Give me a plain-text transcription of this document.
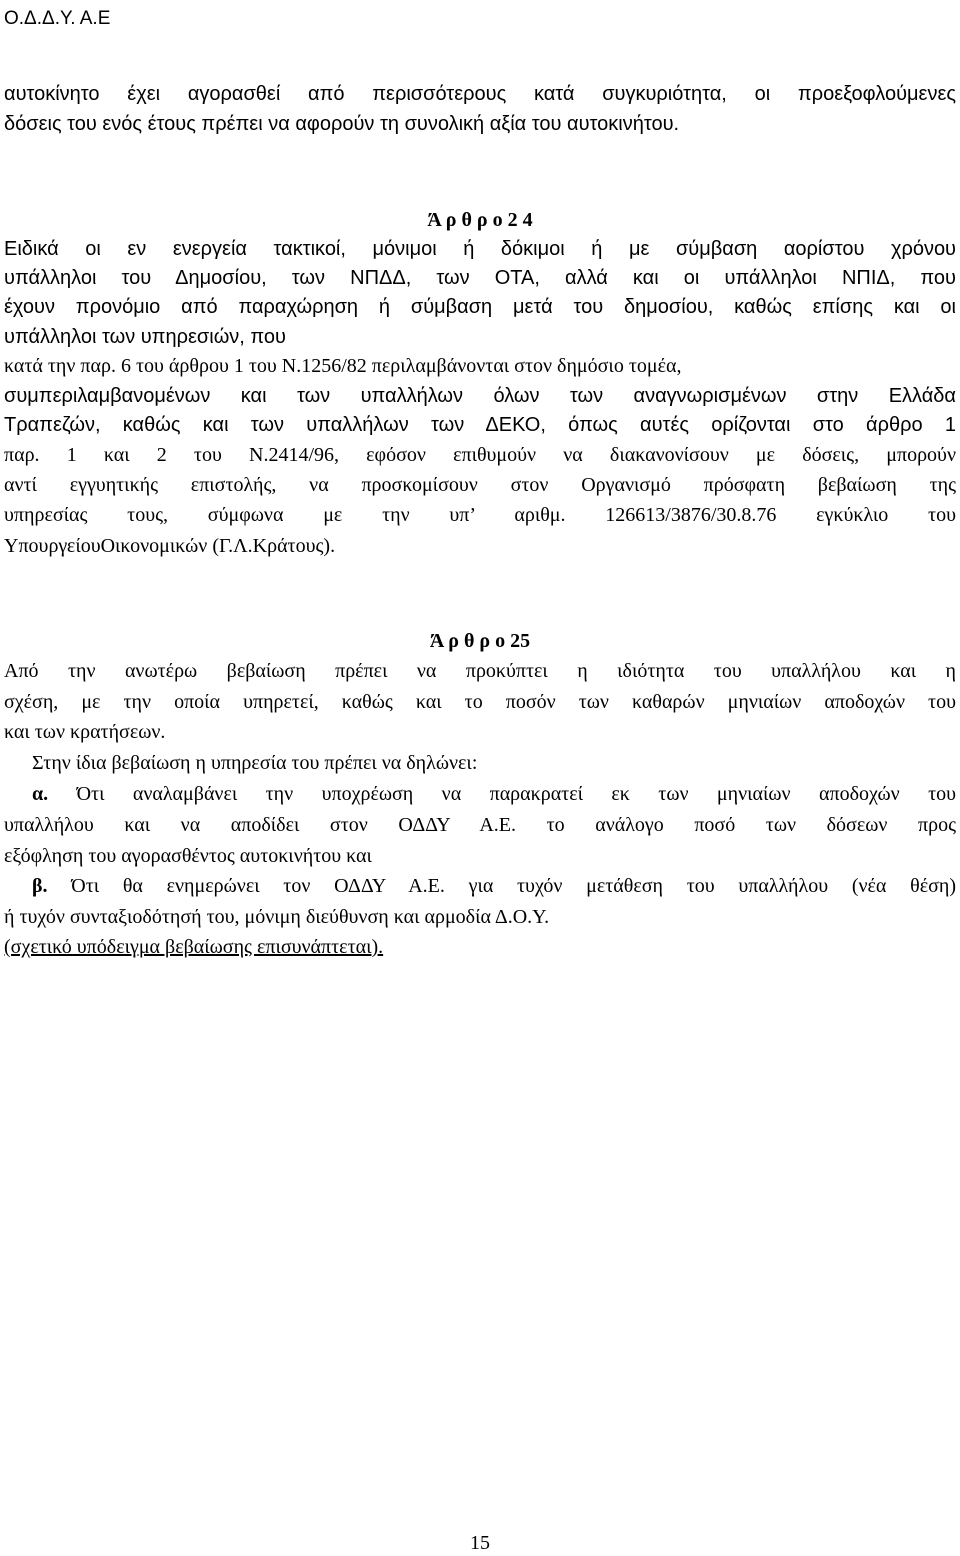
Ο.Δ.Δ.Υ. Α.Ε
αυτοκίνητο έχει αγορασθεί από περισσότερους κατά συγκυριότητα, οι προεξοφλούμενες
δόσεις του ενός έτους πρέπει να αφορούν τη συνολική αξία του αυτοκινήτου.
Ά ρ θ ρ ο 2 4
Ειδικά οι εν ενεργεία τακτικοί, μόνιμοι ή δόκιμοι ή με σύμβαση αορίστου χρόνου
υπάλληλοι του Δημοσίου, των ΝΠΔΔ, των ΟΤΑ, αλλά και οι υπάλληλοι ΝΠΙΔ, που
έχουν προνόμιο από παραχώρηση ή σύμβαση μετά του δημοσίου, καθώς επίσης και οι
υπάλληλοι των υπηρεσιών, που
κατά την παρ. 6 του άρθρου 1 του Ν.1256/82 περιλαμβάνονται στον δημόσιο τομέα,
συμπεριλαμβανομένων και των υπαλλήλων όλων των αναγνωρισμένων στην Ελλάδα
Τραπεζών, καθώς και των υπαλλήλων των ΔΕΚΟ, όπως αυτές ορίζονται στο άρθρο 1
παρ. 1 και 2 του Ν.2414/96, εφόσον επιθυμούν να διακανονίσουν με δόσεις, μπορούν
αντί εγγυητικής επιστολής, να προσκομίσουν στον Οργανισμό πρόσφατη βεβαίωση της
υπηρεσίας τους, σύμφωνα με την υπ’ αριθμ. 126613/3876/30.8.76 εγκύκλιο του
ΥπουργείουΟικονομικών (Γ.Λ.Κράτους).
Ά ρ θ ρ ο 25
Από την ανωτέρω βεβαίωση πρέπει να προκύπτει η ιδιότητα του υπαλλήλου και η
σχέση, με την οποία υπηρετεί, καθώς και το ποσόν των καθαρών μηνιαίων αποδοχών του
και των κρατήσεων.
Στην ίδια βεβαίωση η υπηρεσία του πρέπει να δηλώνει:
α. Ότι αναλαμβάνει την υποχρέωση να παρακρατεί εκ των μηνιαίων αποδοχών του
υπαλλήλου και να αποδίδει στον ΟΔΔΥ Α.Ε. το ανάλογο ποσό των δόσεων προς
εξόφληση του αγορασθέντος αυτοκινήτου και
β. Ότι θα ενημερώνει τον ΟΔΔΥ Α.Ε. για τυχόν μετάθεση του υπαλλήλου (νέα θέση)
ή τυχόν συνταξιοδότησή του, μόνιμη διεύθυνση και αρμοδία Δ.Ο.Υ.
(σχετικό υπόδειγμα βεβαίωσης επισυνάπτεται).
15
